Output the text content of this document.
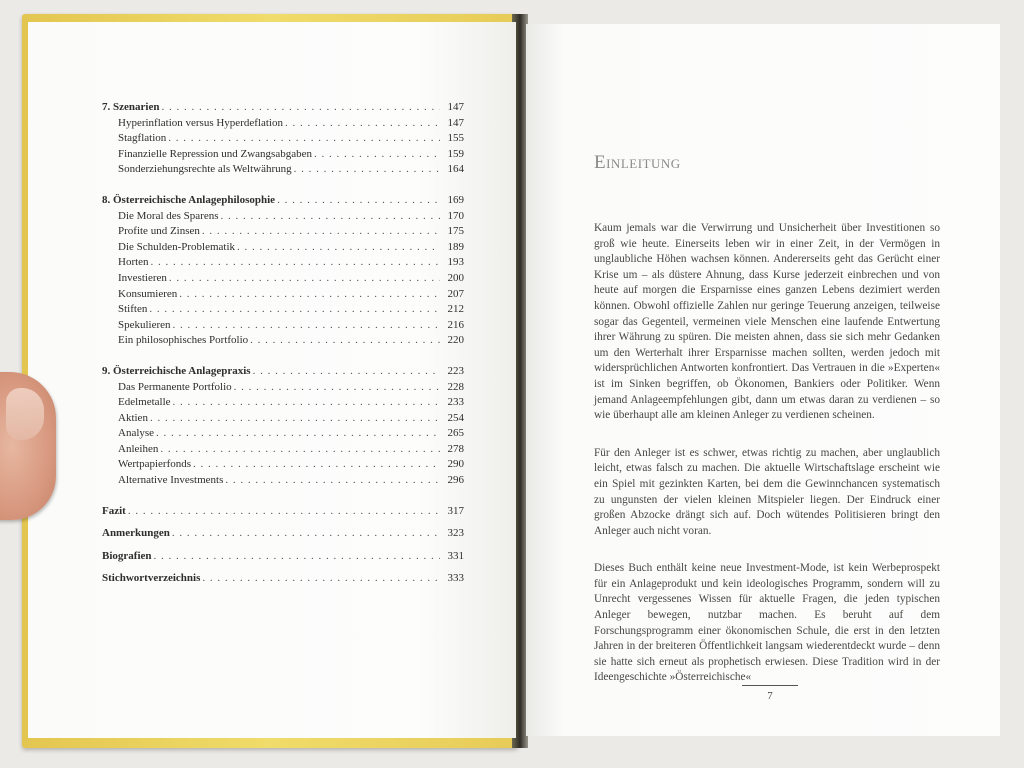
7. Szenarien . . .	147
Hyperinflation versus Hyperdeflation . . .	147
Stagflation . . .	155
Finanzielle Repression und Zwangsabgaben . . .	159
Sonderziehungsrechte als Weltwährung . . .	164
8. Österreichische Anlagephilosophie . . .	169
Die Moral des Sparens . . .	170
Profite und Zinsen . . .	175
Die Schulden-Problematik . . .	189
Horten . . .	193
Investieren . . .	200
Konsumieren . . .	207
Stiften . . .	212
Spekulieren . . .	216
Ein philosophisches Portfolio . . .	220
9. Österreichische Anlagepraxis . . .	223
Das Permanente Portfolio . . .	228
Edelmetalle . . .	233
Aktien . . .	254
Analyse . . .	265
Anleihen . . .	278
Wertpapierfonds . . .	290
Alternative Investments . . .	296
Fazit . . .	317
Anmerkungen . . .	323
Biografien . . .	331
Stichwortverzeichnis . . .	333
Einleitung

Kaum jemals war die Verwirrung und Unsicherheit über Investitionen so groß wie heute. Einerseits leben wir in einer Zeit, in der Vermögen in unglaubliche Höhen wachsen können. Andererseits geht das Gerücht einer Krise um – als düstere Ahnung, dass Kurse jederzeit einbrechen und von heute auf morgen die Ersparnisse eines ganzen Lebens dezimiert werden können. Obwohl offizielle Zahlen nur geringe Teuerung anzeigen, teilweise sogar das Gegenteil, vermeinen viele Menschen eine laufende Entwertung ihrer Währung zu spüren. Die meisten ahnen, dass sie sich mehr Gedanken um den Werterhalt ihrer Ersparnisse machen sollten, werden jedoch mit widersprüchlichen Antworten konfrontiert. Das Vertrauen in die »Experten« ist im Sinken begriffen, ob Ökonomen, Bankiers oder Politiker. Wenn jemand Anlageempfehlungen gibt, dann um etwas daran zu verdienen – so wie überhaupt alle am kleinen Anleger zu verdienen scheinen.

Für den Anleger ist es schwer, etwas richtig zu machen, aber unglaublich leicht, etwas falsch zu machen. Die aktuelle Wirtschaftslage erscheint wie ein Spiel mit gezinkten Karten, bei dem die Gewinnchancen systematisch zu ungunsten der vielen kleinen Mitspieler liegen. Der Eindruck einer großen Abzocke drängt sich auf. Doch wütendes Politisieren bringt den Anleger auch nicht voran.

Dieses Buch enthält keine neue Investment-Mode, ist kein Werbeprospekt für ein Anlageprodukt und kein ideologisches Programm, sondern will zu Unrecht vergessenes Wissen für aktuelle Fragen, die jeden typischen Anleger bewegen, nutzbar machen. Es beruht auf dem Forschungsprogramm einer ökonomischen Schule, die erst in den letzten Jahren in der breiteren Öffentlichkeit langsam wiederentdeckt wurde – denn sie hatte sich erneut als prophetisch erwiesen. Diese Tradition wird in der Ideengeschichte »Österreichische«

7
